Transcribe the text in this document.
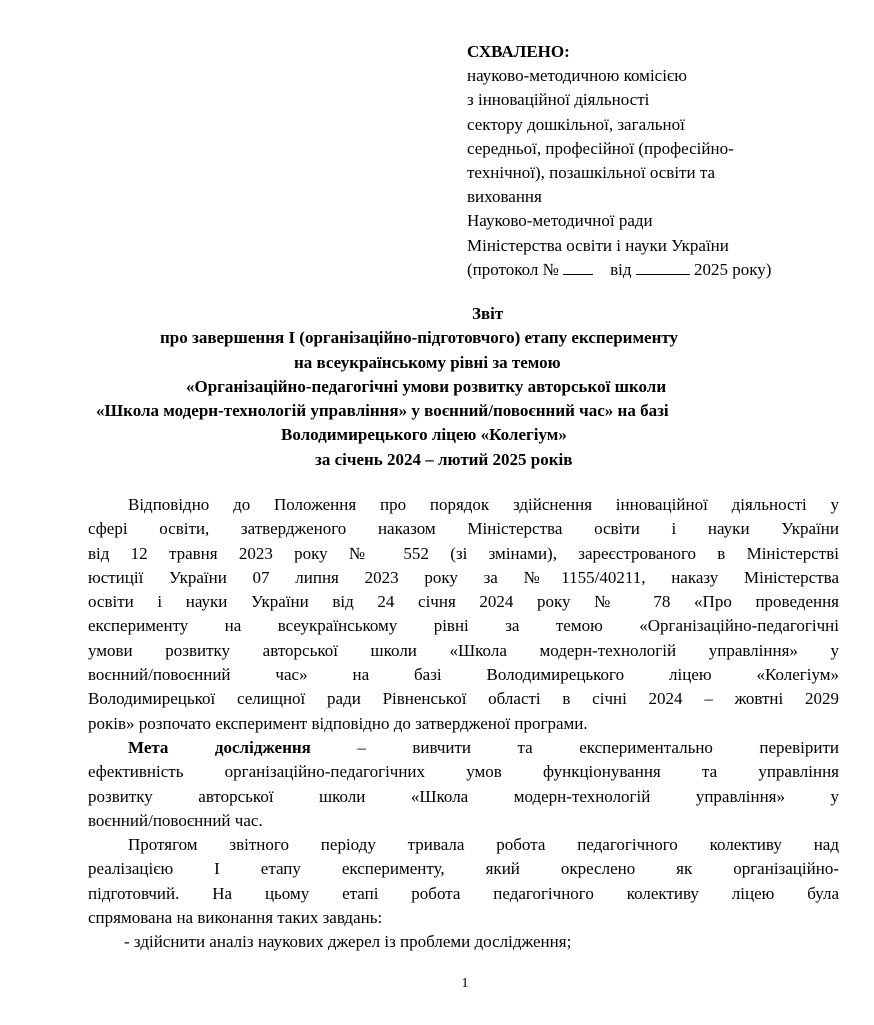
СХВАЛЕНО:
науково-методичною комісією
з інноваційної діяльності
сектору дошкільної, загальної
середньої, професійної (професійно-
технічної), позашкільної освіти та
виховання
Науково-методичної ради
Міністерства освіти і науки України
(протокол №	від	2025 року)
Звіт
про завершення І (організаційно-підготовчого) етапу експерименту
на всеукраїнському рівні за темою
«Організаційно-педагогічні умови розвитку авторської школи
«Школа модерн-технологій управління» у воєнний/повоєнний час» на базі
Володимирецького ліцею «Колегіум»
за січень 2024 – лютий 2025 років
Відповідно до Положення про порядок здійснення інноваційної діяльності у
сфері освіти, затвердженого наказом Міністерства освіти і науки України
від 12 травня 2023 року № 552 (зі змінами), зареєстрованого в Міністерстві
юстиції України 07 липня 2023 року за №1155/40211, наказу Міністерства
освіти і науки України від 24 січня 2024 року № 78 «Про проведення
експерименту на всеукраїнському рівні за темою «Організаційно-педагогічні
умови розвитку авторської школи «Школа модерн-технологій управління» у
воєнний/повоєнний час» на базі Володимирецького ліцею «Колегіум»
Володимирецької селищної ради Рівненської області в січні 2024 – жовтні 2029
років» розпочато експеримент відповідно до затвердженої програми.
Мета дослідження – вивчити та експериментально перевірити
ефективність організаційно-педагогічних умов функціонування та управління
розвитку авторської школи «Школа модерн-технологій управління» у
воєнний/повоєнний час.
Протягом звітного періоду тривала робота педагогічного колективу над
реалізацією І етапу експерименту, який окреслено як організаційно-
підготовчий. На цьому етапі робота педагогічного колективу ліцею була
спрямована на виконання таких завдань:
- здійснити аналіз наукових джерел із проблеми дослідження;
1
